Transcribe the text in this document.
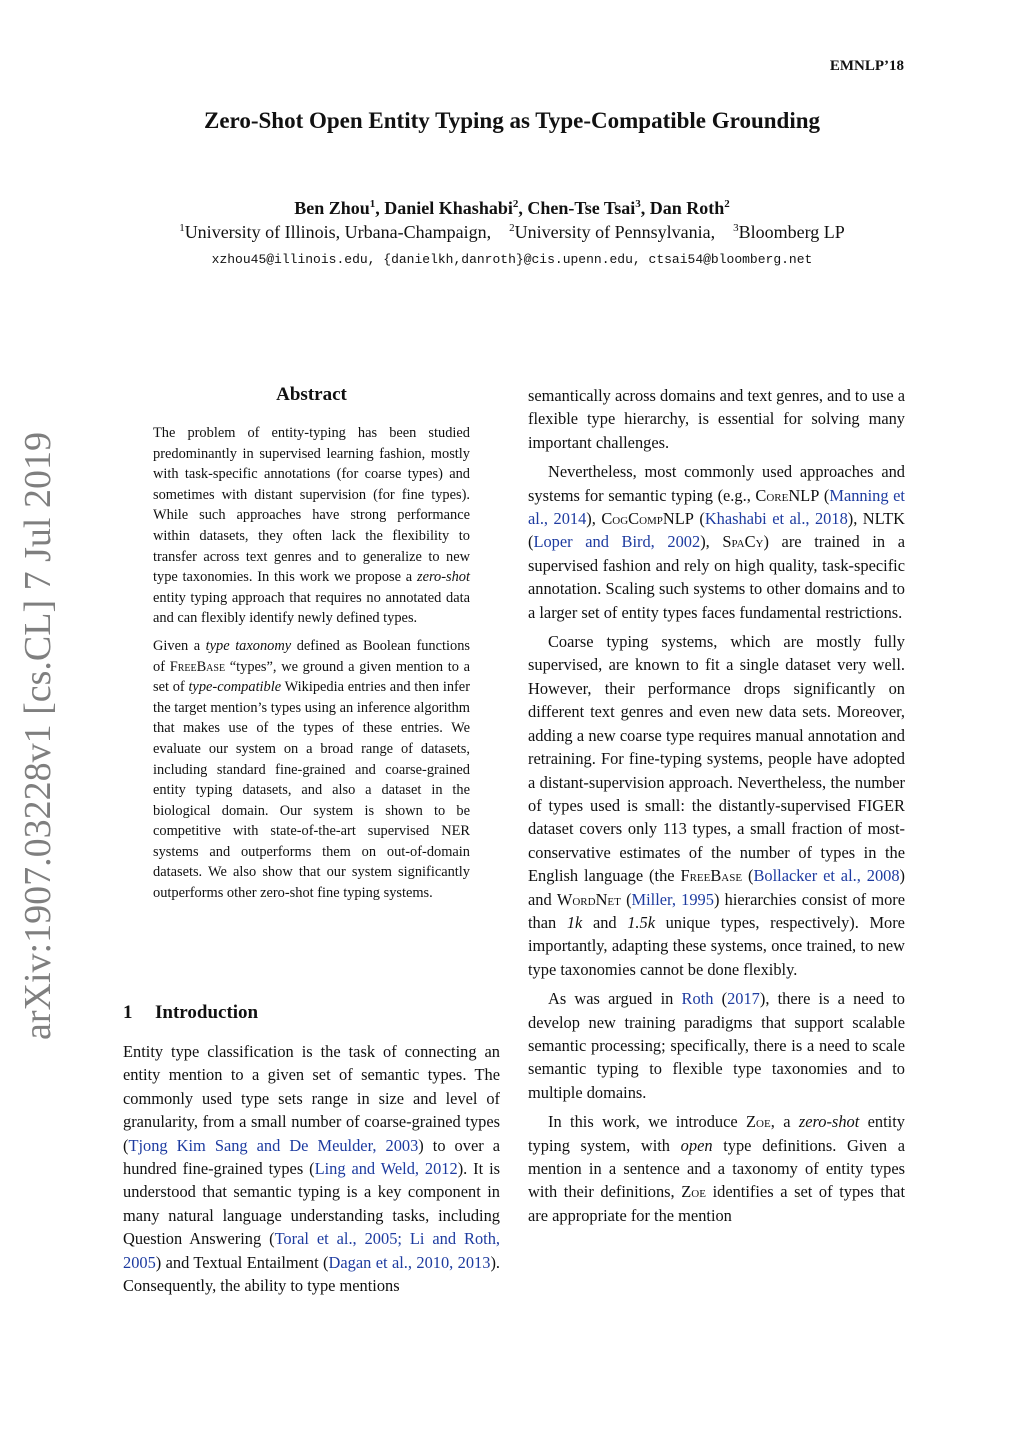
EMNLP’18
Zero-Shot Open Entity Typing as Type-Compatible Grounding
Ben Zhou$^1$, Daniel Khashabi$^2$, Chen-Tse Tsai$^3$, Dan Roth$^2$
$^1$University of Illinois, Urbana-Champaign, $^2$University of Pennsylvania, $^3$Bloomberg LP
xzhou45@illinois.edu, {danielkh,danroth}@cis.upenn.edu, ctsai54@bloomberg.net
arXiv:1907.03228v1 [cs.CL] 7 Jul 2019
Abstract

The problem of entity-typing has been studied predominantly in supervised learning fashion, mostly with task-specific annotations (for coarse types) and sometimes with distant supervision (for fine types). While such approaches have strong performance within datasets, they often lack the flexibility to transfer across text genres and to generalize to new type taxonomies. In this work we propose a zero-shot entity typing approach that requires no annotated data and can flexibly identify newly defined types.

Given a type taxonomy defined as Boolean functions of FreeBase “types”, we ground a given mention to a set of type-compatible Wikipedia entries and then infer the target mention’s types using an inference algorithm that makes use of the types of these entries. We evaluate our system on a broad range of datasets, including standard fine-grained and coarse-grained entity typing datasets, and also a dataset in the biological domain. Our system is shown to be competitive with state-of-the-art supervised NER systems and outperforms them on out-of-domain datasets. We also show that our system significantly outperforms other zero-shot fine typing systems.

1 Introduction

Entity type classification is the task of connecting an entity mention to a given set of semantic types. The commonly used type sets range in size and level of granularity, from a small number of coarse-grained types (Tjong Kim Sang and De Meulder, 2003) to over a hundred fine-grained types (Ling and Weld, 2012). It is understood that semantic typing is a key component in many natural language understanding tasks, including Question Answering (Toral et al., 2005; Li and Roth, 2005) and Textual Entailment (Dagan et al., 2010, 2013). Consequently, the ability to type mentions

semantically across domains and text genres, and to use a flexible type hierarchy, is essential for solving many important challenges.

Nevertheless, most commonly used approaches and systems for semantic typing (e.g., CoreNLP (Manning et al., 2014), CogCompNLP (Khashabi et al., 2018), NLTK (Loper and Bird, 2002), SpaCy) are trained in a supervised fashion and rely on high quality, task-specific annotation. Scaling such systems to other domains and to a larger set of entity types faces fundamental restrictions.

Coarse typing systems, which are mostly fully supervised, are known to fit a single dataset very well. However, their performance drops significantly on different text genres and even new data sets. Moreover, adding a new coarse type requires manual annotation and retraining. For fine-typing systems, people have adopted a distant-supervision approach. Nevertheless, the number of types used is small: the distantly-supervised FIGER dataset covers only 113 types, a small fraction of most-conservative estimates of the number of types in the English language (the FreeBase (Bollacker et al., 2008) and WordNet (Miller, 1995) hierarchies consist of more than 1k and 1.5k unique types, respectively). More importantly, adapting these systems, once trained, to new type taxonomies cannot be done flexibly.

As was argued in Roth (2017), there is a need to develop new training paradigms that support scalable semantic processing; specifically, there is a need to scale semantic typing to flexible type taxonomies and to multiple domains.

In this work, we introduce Zoe, a zero-shot entity typing system, with open type definitions. Given a mention in a sentence and a taxonomy of entity types with their definitions, Zoe identifies a set of types that are appropriate for the mention
